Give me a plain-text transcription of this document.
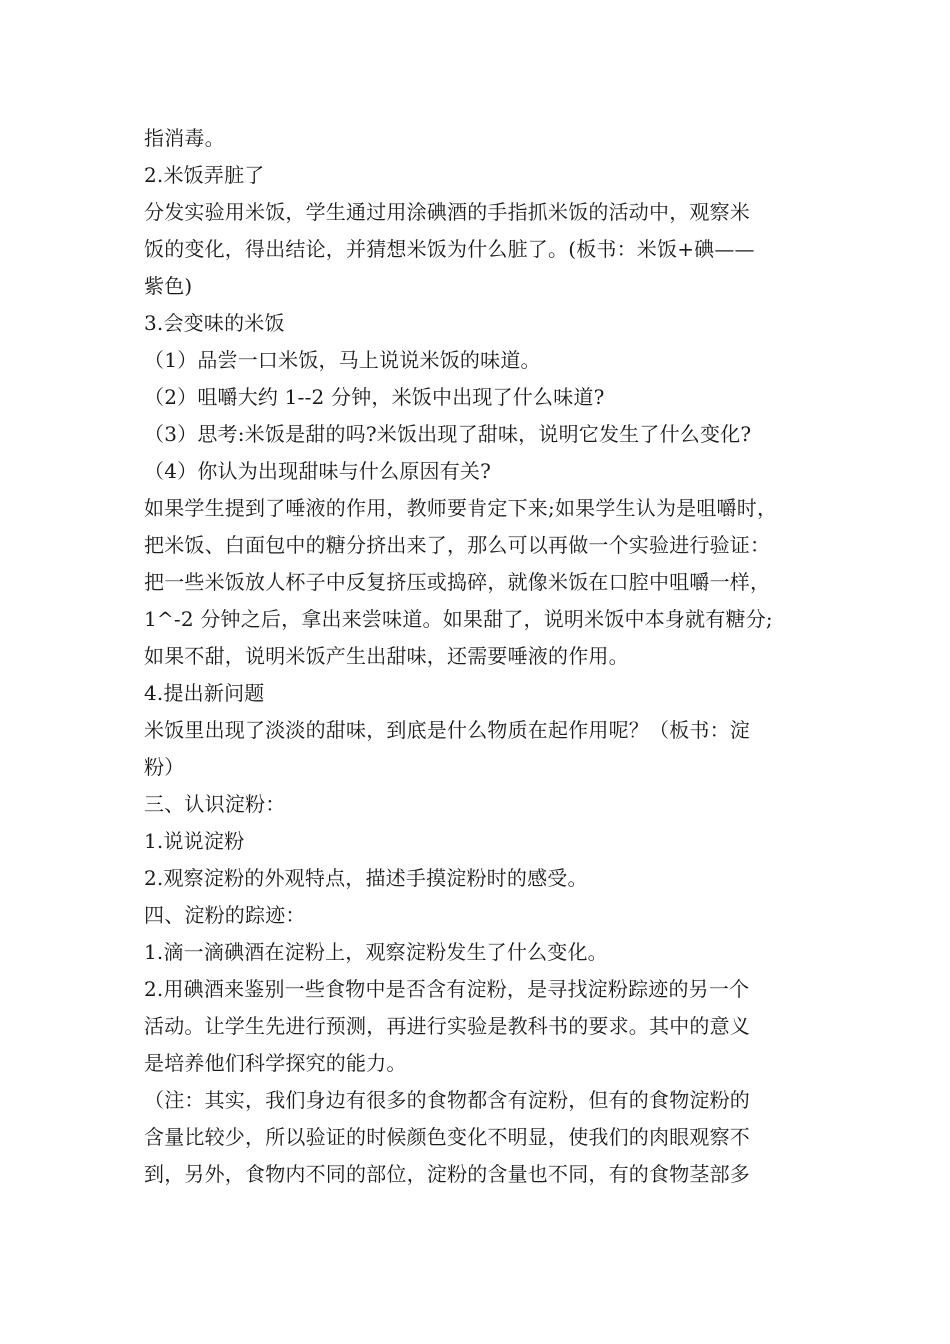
指消毒。
2.米饭弄脏了
分发实验用米饭，学生通过用涂碘酒的手指抓米饭的活动中，观察米
饭的变化，得出结论，并猜想米饭为什么脏了。(板书：米饭+碘——
紫色)
3.会变味的米饭
（1）品尝一口米饭，马上说说米饭的味道。
（2）咀嚼大约 1--2 分钟，米饭中出现了什么味道?
（3）思考:米饭是甜的吗?米饭出现了甜味，说明它发生了什么变化?
（4）你认为出现甜味与什么原因有关?
如果学生提到了唾液的作用，教师要肯定下来;如果学生认为是咀嚼时，
把米饭、白面包中的糖分挤出来了，那么可以再做一个实验进行验证：
把一些米饭放人杯子中反复挤压或捣碎，就像米饭在口腔中咀嚼一样，
1^-2 分钟之后，拿出来尝味道。如果甜了，说明米饭中本身就有糖分;
如果不甜，说明米饭产生出甜味，还需要唾液的作用。
4.提出新问题
米饭里出现了淡淡的甜味，到底是什么物质在起作用呢？（板书：淀
粉）
三、认识淀粉：
1.说说淀粉
2.观察淀粉的外观特点，描述手摸淀粉时的感受。
四、淀粉的踪迹：
1.滴一滴碘酒在淀粉上，观察淀粉发生了什么变化。
2.用碘酒来鉴别一些食物中是否含有淀粉，是寻找淀粉踪迹的另一个
活动。让学生先进行预测，再进行实验是教科书的要求。其中的意义
是培养他们科学探究的能力。
（注：其实，我们身边有很多的食物都含有淀粉，但有的食物淀粉的
含量比较少，所以验证的时候颜色变化不明显，使我们的肉眼观察不
到，另外，食物内不同的部位，淀粉的含量也不同，有的食物茎部多
